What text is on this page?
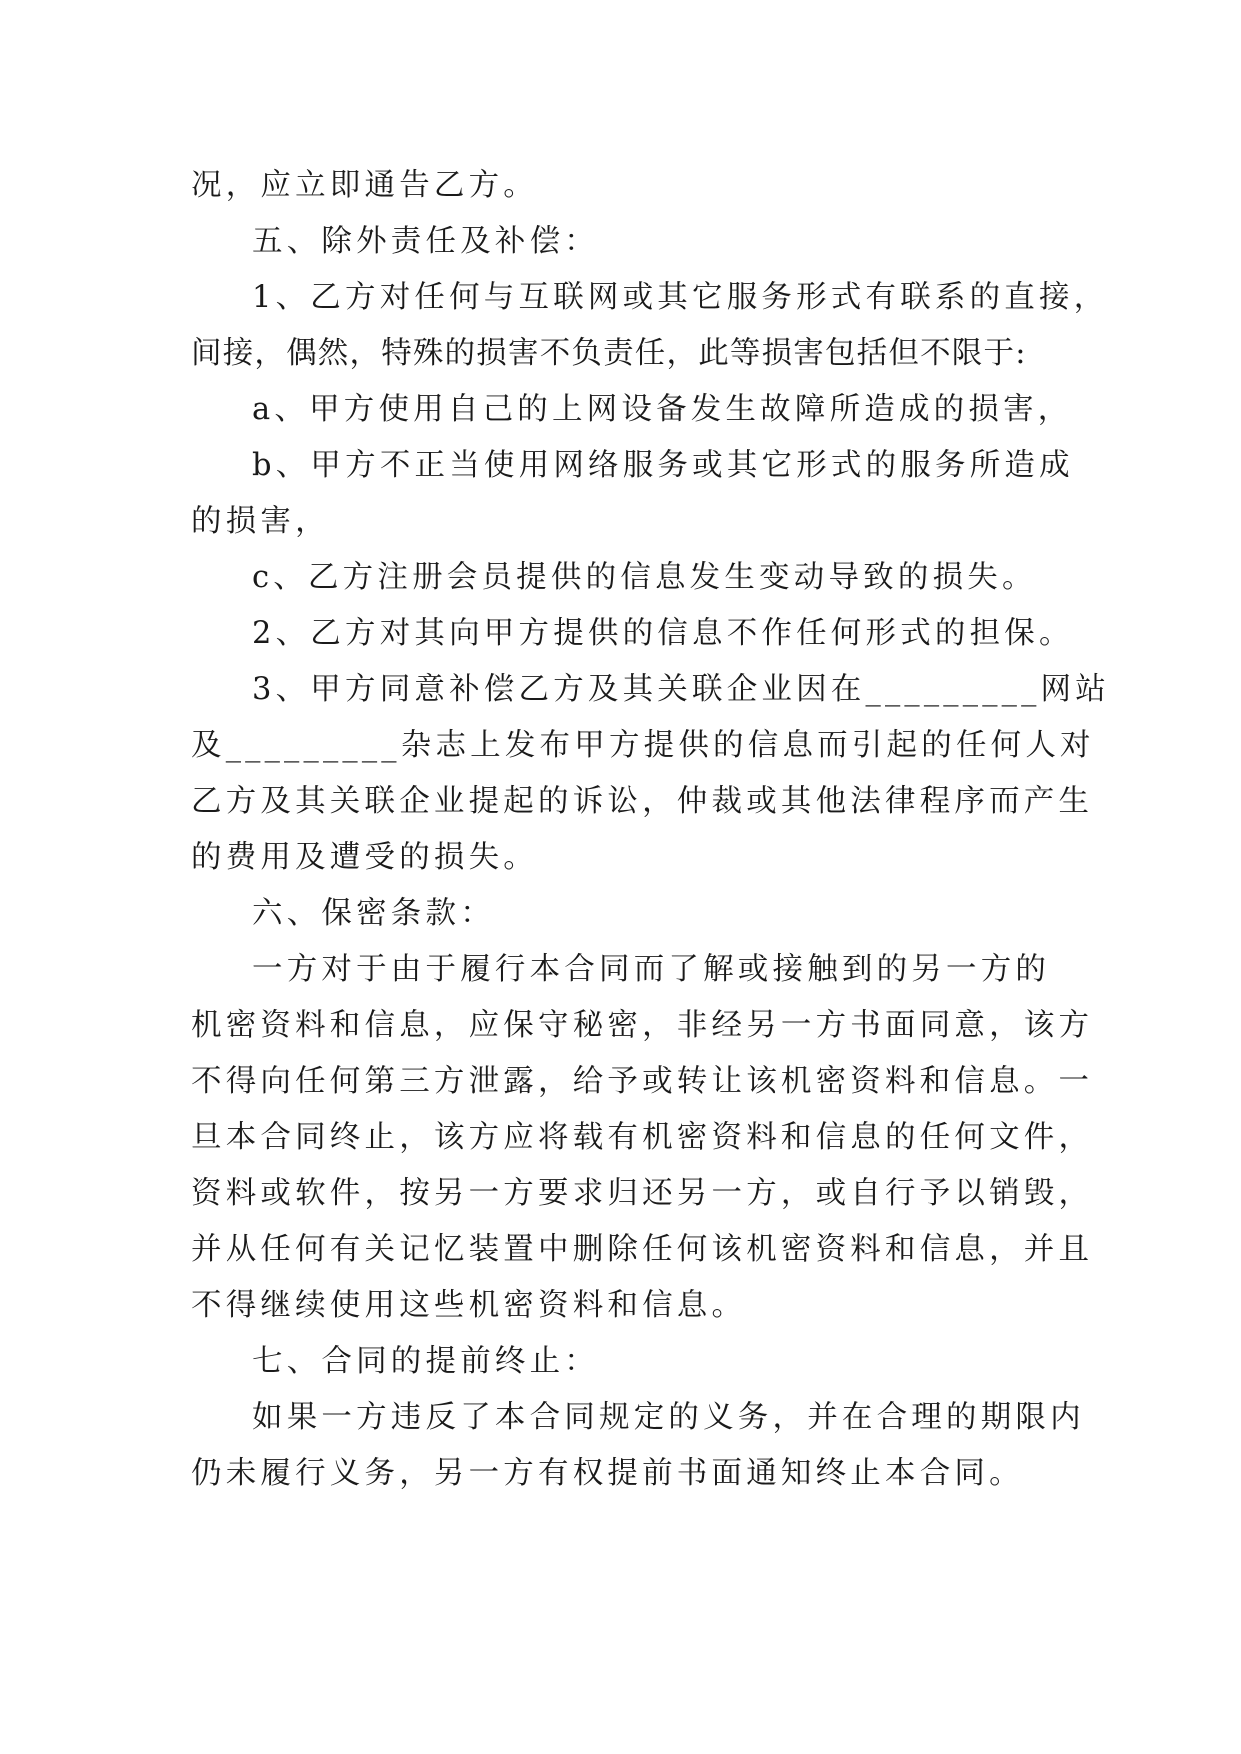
况，应立即通告乙方。
五、除外责任及补偿：
1、乙方对任何与互联网或其它服务形式有联系的直接，
间接，偶然，特殊的损害不负责任，此等损害包括但不限于:
a、甲方使用自己的上网设备发生故障所造成的损害，
b、甲方不正当使用网络服务或其它形式的服务所造成
的损害，
c、乙方注册会员提供的信息发生变动导致的损失。
2、乙方对其向甲方提供的信息不作任何形式的担保。
3、甲方同意补偿乙方及其关联企业因在_________网站
及_________杂志上发布甲方提供的信息而引起的任何人对
乙方及其关联企业提起的诉讼，仲裁或其他法律程序而产生
的费用及遭受的损失。
六、保密条款：
一方对于由于履行本合同而了解或接触到的另一方的
机密资料和信息，应保守秘密，非经另一方书面同意，该方
不得向任何第三方泄露，给予或转让该机密资料和信息。一
旦本合同终止，该方应将载有机密资料和信息的任何文件，
资料或软件，按另一方要求归还另一方，或自行予以销毁，
并从任何有关记忆装置中删除任何该机密资料和信息，并且
不得继续使用这些机密资料和信息。
七、合同的提前终止：
如果一方违反了本合同规定的义务，并在合理的期限内
仍未履行义务，另一方有权提前书面通知终止本合同。
